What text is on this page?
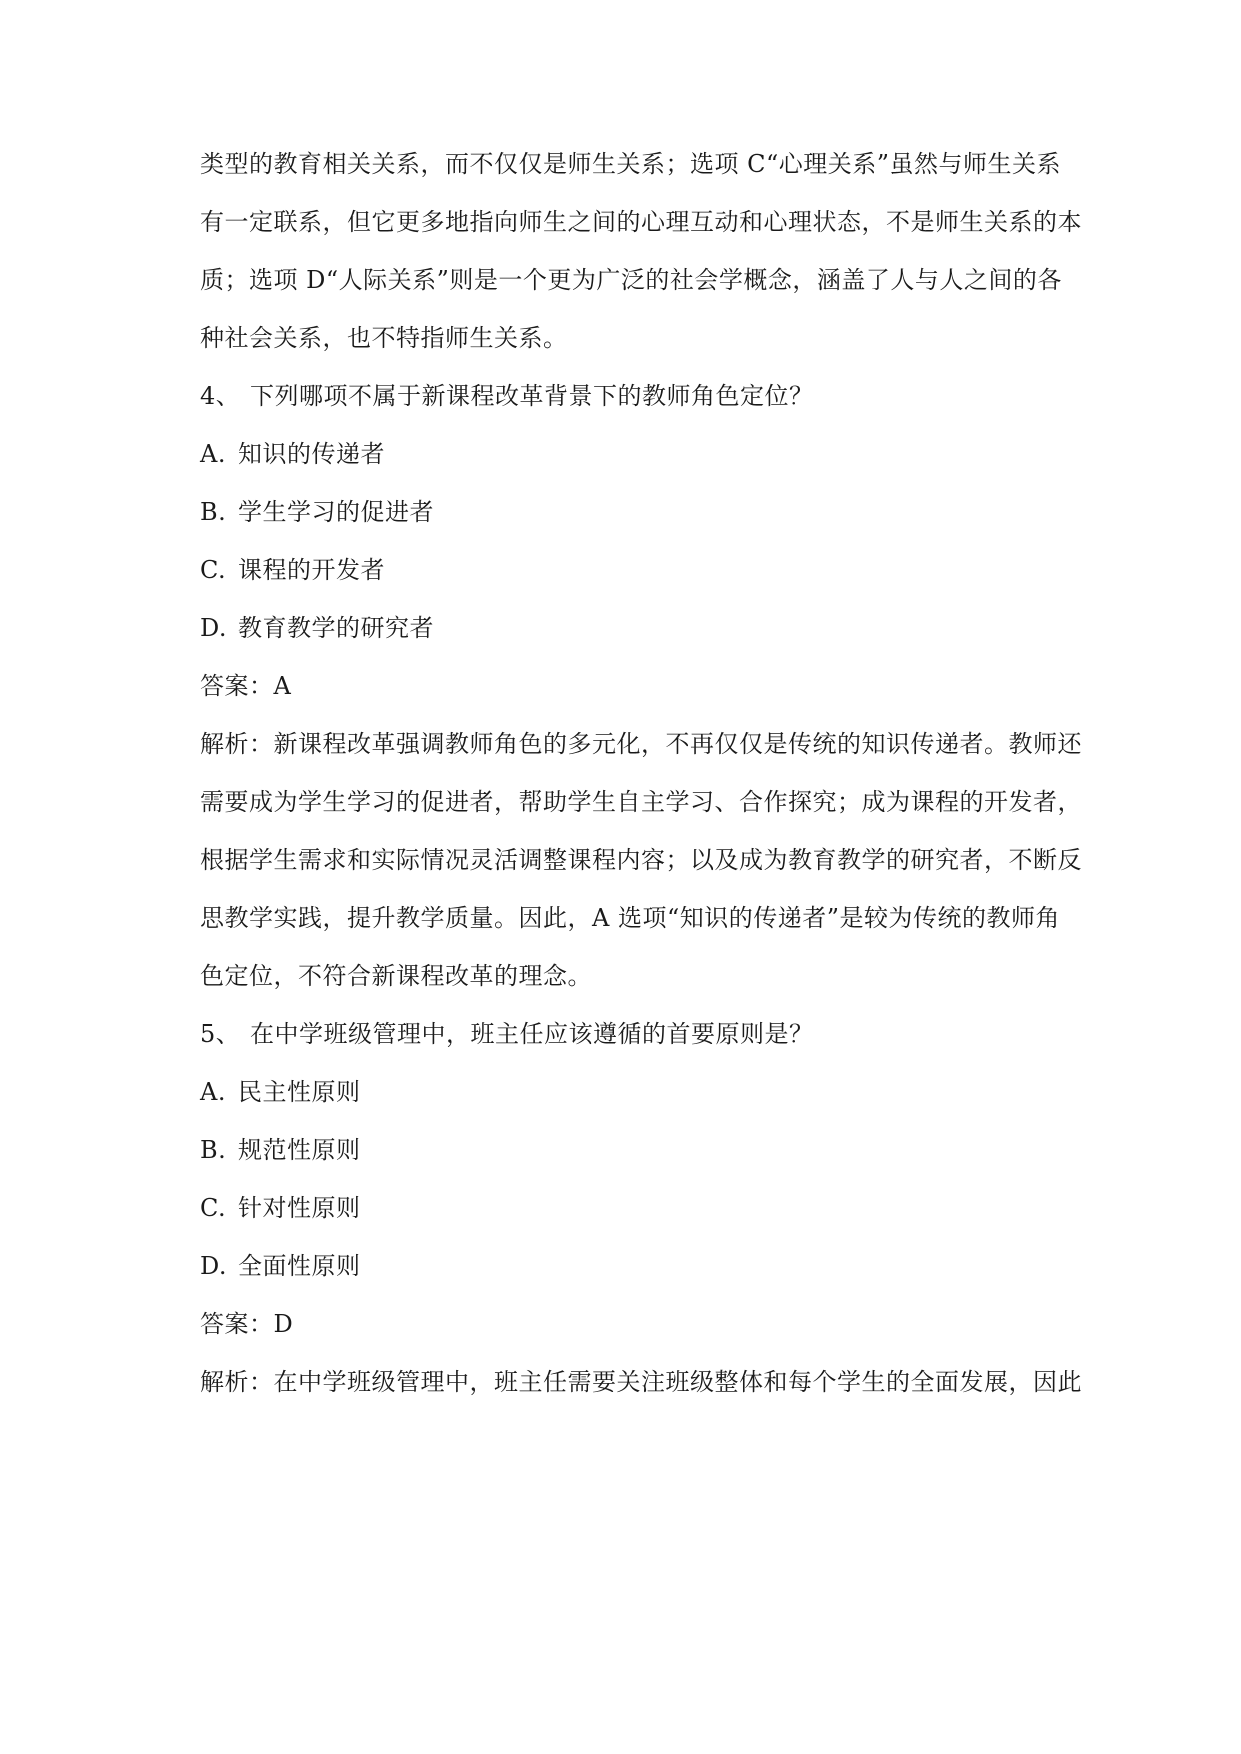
类型的教育相关关系，而不仅仅是师生关系；选项 C“心理关系”虽然与师生关系
有一定联系，但它更多地指向师生之间的心理互动和心理状态，不是师生关系的本
质；选项 D“人际关系”则是一个更为广泛的社会学概念，涵盖了人与人之间的各
种社会关系，也不特指师生关系。
4、 下列哪项不属于新课程改革背景下的教师角色定位？
A. 知识的传递者
B. 学生学习的促进者
C. 课程的开发者
D. 教育教学的研究者
答案：A
解析：新课程改革强调教师角色的多元化，不再仅仅是传统的知识传递者。教师还
需要成为学生学习的促进者，帮助学生自主学习、合作探究；成为课程的开发者，
根据学生需求和实际情况灵活调整课程内容；以及成为教育教学的研究者，不断反
思教学实践，提升教学质量。因此，A 选项“知识的传递者”是较为传统的教师角
色定位，不符合新课程改革的理念。
5、 在中学班级管理中，班主任应该遵循的首要原则是？
A. 民主性原则
B. 规范性原则
C. 针对性原则
D. 全面性原则
答案：D
解析：在中学班级管理中，班主任需要关注班级整体和每个学生的全面发展，因此
